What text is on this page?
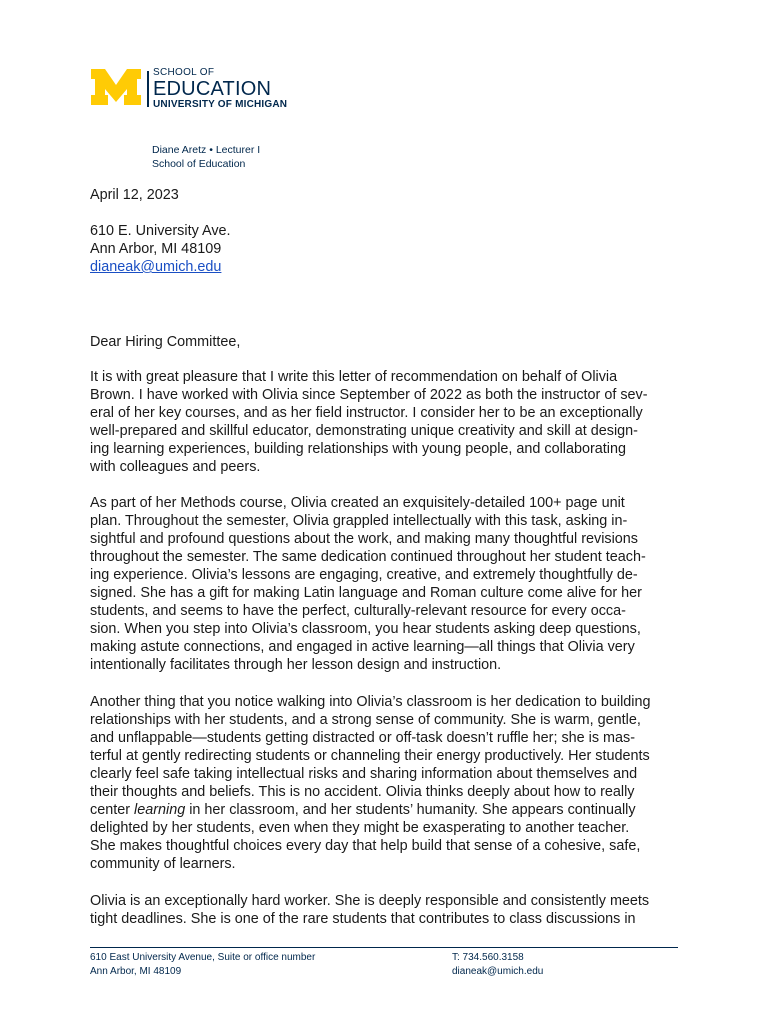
SCHOOL OF
EDUCATION
UNIVERSITY OF MICHIGAN
Diane Aretz • Lecturer I
School of Education
April 12, 2023
610 E. University Ave.
Ann Arbor, MI 48109
dianeak@umich.edu
Dear Hiring Committee,
It is with great pleasure that I write this letter of recommendation on behalf of Olivia
Brown. I have worked with Olivia since September of 2022 as both the instructor of sev-
eral of her key courses, and as her field instructor. I consider her to be an exceptionally
well-prepared and skillful educator, demonstrating unique creativity and skill at design-
ing learning experiences, building relationships with young people, and collaborating
with colleagues and peers.
As part of her Methods course, Olivia created an exquisitely-detailed 100+ page unit
plan. Throughout the semester, Olivia grappled intellectually with this task, asking in-
sightful and profound questions about the work, and making many thoughtful revisions
throughout the semester. The same dedication continued throughout her student teach-
ing experience. Olivia’s lessons are engaging, creative, and extremely thoughtfully de-
signed. She has a gift for making Latin language and Roman culture come alive for her
students, and seems to have the perfect, culturally-relevant resource for every occa-
sion. When you step into Olivia’s classroom, you hear students asking deep questions,
making astute connections, and engaged in active learning—all things that Olivia very
intentionally facilitates through her lesson design and instruction.
Another thing that you notice walking into Olivia’s classroom is her dedication to building
relationships with her students, and a strong sense of community. She is warm, gentle,
and unflappable—students getting distracted or off-task doesn’t ruffle her; she is mas-
terful at gently redirecting students or channeling their energy productively. Her students
clearly feel safe taking intellectual risks and sharing information about themselves and
their thoughts and beliefs. This is no accident. Olivia thinks deeply about how to really
center learning in her classroom, and her students’ humanity. She appears continually
delighted by her students, even when they might be exasperating to another teacher.
She makes thoughtful choices every day that help build that sense of a cohesive, safe,
community of learners.
Olivia is an exceptionally hard worker. She is deeply responsible and consistently meets
tight deadlines. She is one of the rare students that contributes to class discussions in
610 East University Avenue, Suite or office number
Ann Arbor, MI 48109
T: 734.560.3158
dianeak@umich.edu
